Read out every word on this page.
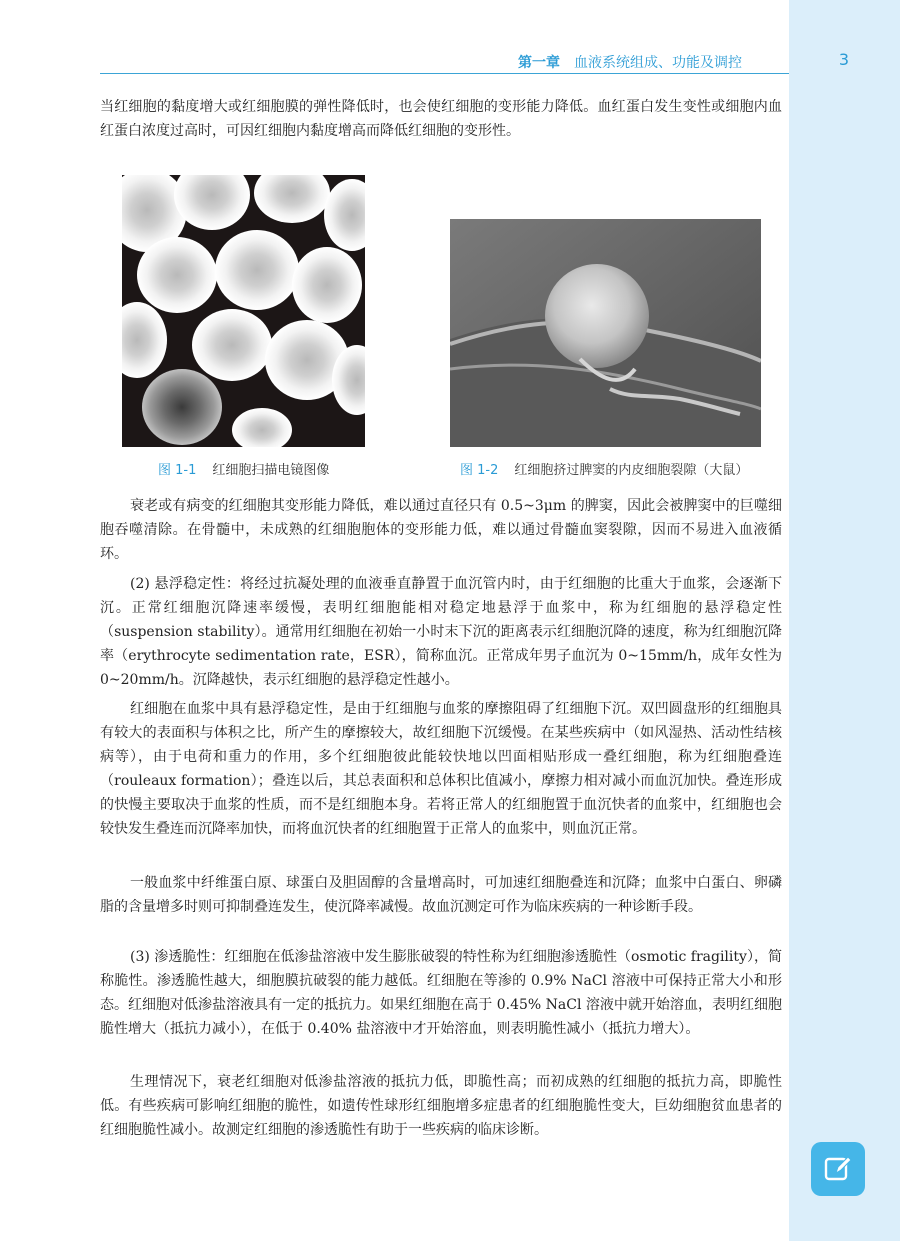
第一章 血液系统组成、功能及调控	3

当红细胞的黏度增大或红细胞膜的弹性降低时，也会使红细胞的变形能力降低。血红蛋白发生变性或细胞内血红蛋白浓度过高时，可因红细胞内黏度增高而降低红细胞的变形性。

图 1-1 红细胞扫描电镜图像	图 1-2 红细胞挤过脾窦的内皮细胞裂隙（大鼠）

衰老或有病变的红细胞其变形能力降低，难以通过直径只有 0.5~3μm 的脾窦，因此会被脾窦中的巨噬细胞吞噬清除。在骨髓中，未成熟的红细胞胞体的变形能力低，难以通过骨髓血窦裂隙，因而不易进入血液循环。

(2) 悬浮稳定性：将经过抗凝处理的血液垂直静置于血沉管内时，由于红细胞的比重大于血浆，会逐渐下沉。正常红细胞沉降速率缓慢，表明红细胞能相对稳定地悬浮于血浆中，称为红细胞的悬浮稳定性（suspension stability）。通常用红细胞在初始一小时末下沉的距离表示红细胞沉降的速度，称为红细胞沉降率（erythrocyte sedimentation rate，ESR），简称血沉。正常成年男子血沉为 0~15mm/h，成年女性为 0~20mm/h。沉降越快，表示红细胞的悬浮稳定性越小。

红细胞在血浆中具有悬浮稳定性，是由于红细胞与血浆的摩擦阻碍了红细胞下沉。双凹圆盘形的红细胞具有较大的表面积与体积之比，所产生的摩擦较大，故红细胞下沉缓慢。在某些疾病中（如风湿热、活动性结核病等），由于电荷和重力的作用，多个红细胞彼此能较快地以凹面相贴形成一叠红细胞，称为红细胞叠连（rouleaux formation）；叠连以后，其总表面积和总体积比值减小，摩擦力相对减小而血沉加快。叠连形成的快慢主要取决于血浆的性质，而不是红细胞本身。若将正常人的红细胞置于血沉快者的血浆中，红细胞也会较快发生叠连而沉降率加快，而将血沉快者的红细胞置于正常人的血浆中，则血沉正常。

一般血浆中纤维蛋白原、球蛋白及胆固醇的含量增高时，可加速红细胞叠连和沉降；血浆中白蛋白、卵磷脂的含量增多时则可抑制叠连发生，使沉降率减慢。故血沉测定可作为临床疾病的一种诊断手段。

(3) 渗透脆性：红细胞在低渗盐溶液中发生膨胀破裂的特性称为红细胞渗透脆性（osmotic fragility），简称脆性。渗透脆性越大，细胞膜抗破裂的能力越低。红细胞在等渗的 0.9% NaCl 溶液中可保持正常大小和形态。红细胞对低渗盐溶液具有一定的抵抗力。如果红细胞在高于 0.45% NaCl 溶液中就开始溶血，表明红细胞脆性增大（抵抗力减小），在低于 0.40% 盐溶液中才开始溶血，则表明脆性减小（抵抗力增大）。

生理情况下，衰老红细胞对低渗盐溶液的抵抗力低，即脆性高；而初成熟的红细胞的抵抗力高，即脆性低。有些疾病可影响红细胞的脆性，如遗传性球形红细胞增多症患者的红细胞脆性变大，巨幼细胞贫血患者的红细胞脆性减小。故测定红细胞的渗透脆性有助于一些疾病的临床诊断。
